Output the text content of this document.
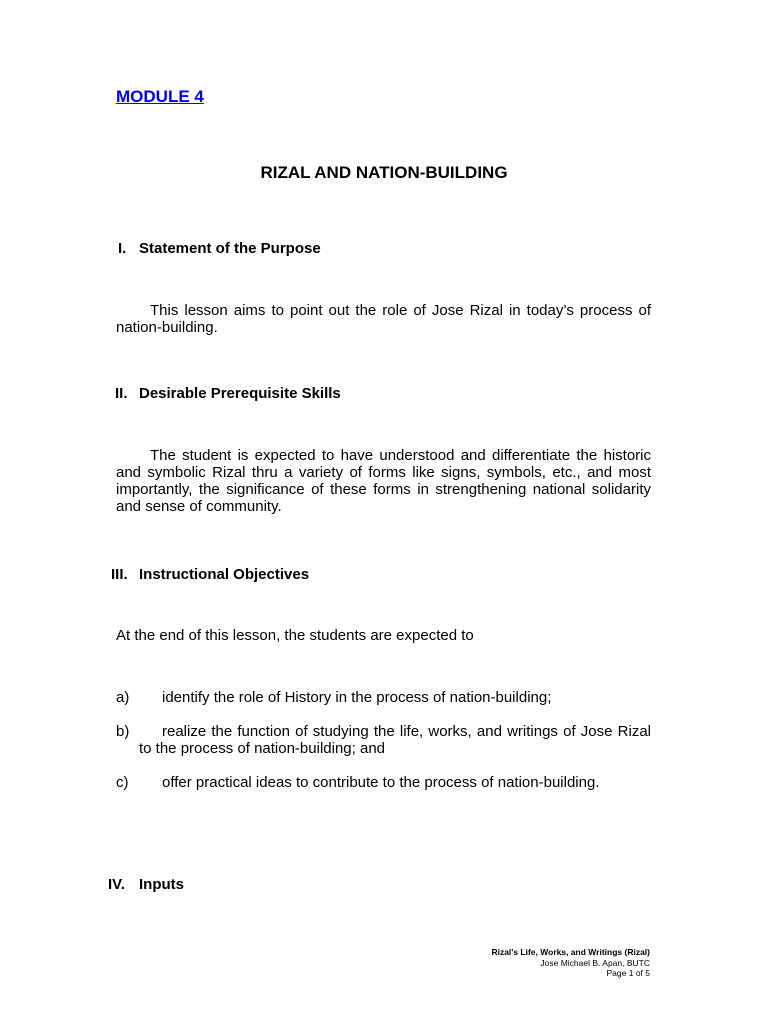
MODULE 4
RIZAL AND NATION-BUILDING
I. Statement of the Purpose

This lesson aims to point out the role of Jose Rizal in today’s process of nation-building.

II. Desirable Prerequisite Skills

The student is expected to have understood and differentiate the historic and symbolic Rizal thru a variety of forms like signs, symbols, etc., and most importantly, the significance of these forms in strengthening national solidarity and sense of community.

III. Instructional Objectives

At the end of this lesson, the students are expected to

a)	identify the role of History in the process of nation-building;

b)	realize the function of studying the life, works, and writings of Jose Rizal to the process of nation-building; and

c)	offer practical ideas to contribute to the process of nation-building.

IV. Inputs
Rizal’s Life, Works, and Writings (Rizal)
Jose Michael B. Apan, BUTC
Page 1 of 5
